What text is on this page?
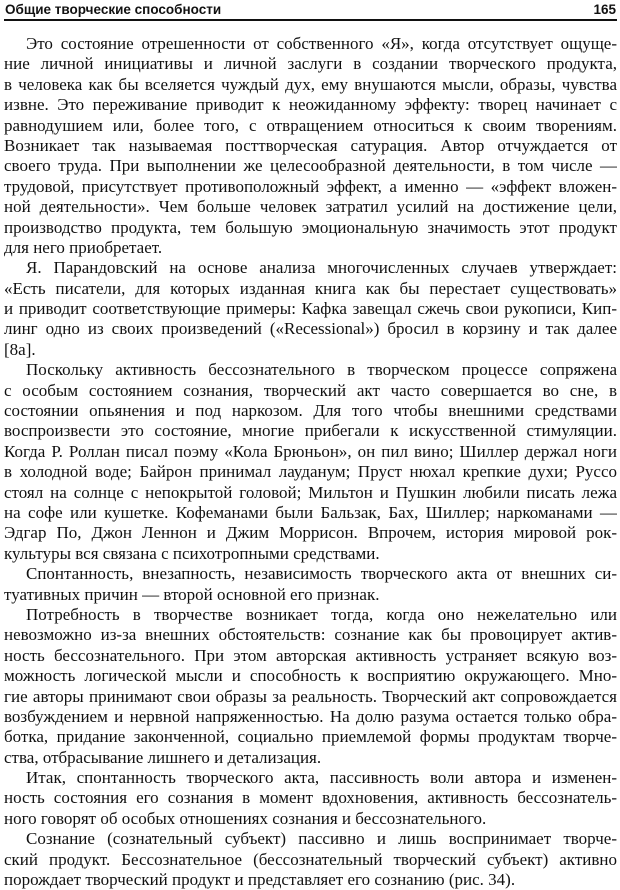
Общие творческие способности	165
Это состояние отрешенности от собственного «Я», когда отсутствует ощуще-
ние личной инициативы и личной заслуги в создании творческого продукта,
в человека как бы вселяется чуждый дух, ему внушаются мысли, образы, чувства
извне. Это переживание приводит к неожиданному эффекту: творец начинает с
равнодушием или, более того, с отвращением относиться к своим творениям.
Возникает так называемая посттворческая сатурация. Автор отчуждается от
своего труда. При выполнении же целесообразной деятельности, в том числе —
трудовой, присутствует противоположный эффект, а именно — «эффект вложен-
ной деятельности». Чем больше человек затратил усилий на достижение цели,
производство продукта, тем большую эмоциональную значимость этот продукт
для него приобретает.
Я. Парандовский на основе анализа многочисленных случаев утверждает:
«Есть писатели, для которых изданная книга как бы перестает существовать»
и приводит соответствующие примеры: Кафка завещал сжечь свои рукописи, Кип-
линг одно из своих произведений («Recessional») бросил в корзину и так далее
[8а].
Поскольку активность бессознательного в творческом процессе сопряжена
с особым состоянием сознания, творческий акт часто совершается во сне, в
состоянии опьянения и под наркозом. Для того чтобы внешними средствами
воспроизвести это состояние, многие прибегали к искусственной стимуляции.
Когда Р. Роллан писал поэму «Кола Брюньон», он пил вино; Шиллер держал ноги
в холодной воде; Байрон принимал лауданум; Пруст нюхал крепкие духи; Руссо
стоял на солнце с непокрытой головой; Мильтон и Пушкин любили писать лежа
на софе или кушетке. Кофеманами были Бальзак, Бах, Шиллер; наркоманами —
Эдгар По, Джон Леннон и Джим Моррисон. Впрочем, история мировой рок-
культуры вся связана с психотропными средствами.
Спонтанность, внезапность, независимость творческого акта от внешних си-
туативных причин — второй основной его признак.
Потребность в творчестве возникает тогда, когда оно нежелательно или
невозможно из-за внешних обстоятельств: сознание как бы провоцирует актив-
ность бессознательного. При этом авторская активность устраняет всякую воз-
можность логической мысли и способность к восприятию окружающего. Мно-
гие авторы принимают свои образы за реальность. Творческий акт сопровождается
возбуждением и нервной напряженностью. На долю разума остается только обра-
ботка, придание законченной, социально приемлемой формы продуктам творче-
ства, отбрасывание лишнего и детализация.
Итак, спонтанность творческого акта, пассивность воли автора и изменен-
ность состояния его сознания в момент вдохновения, активность бессознатель-
ного говорят об особых отношениях сознания и бессознательного.
Сознание (сознательный субъект) пассивно и лишь воспринимает творче-
ский продукт. Бессознательное (бессознательный творческий субъект) активно
порождает творческий продукт и представляет его сознанию (рис. 34).
